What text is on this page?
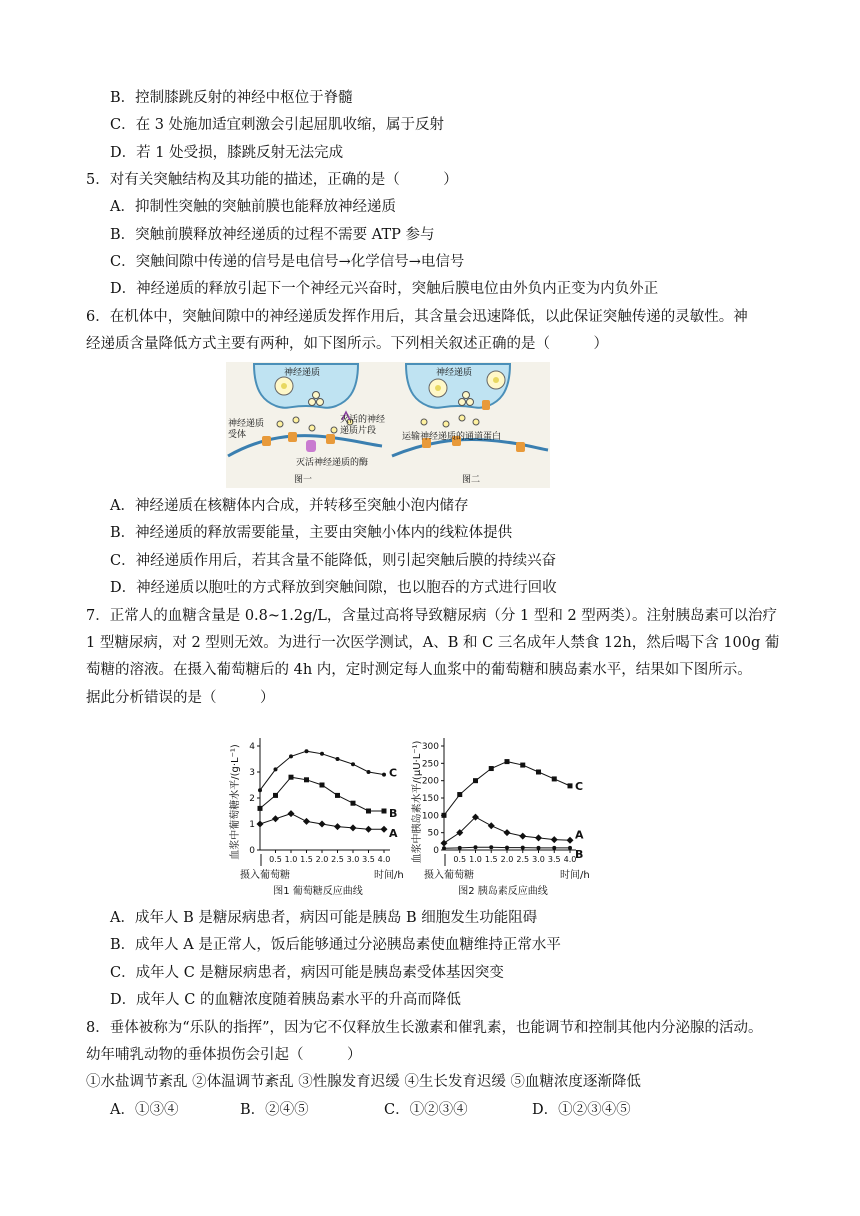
B．控制膝跳反射的神经中枢位于脊髓
C．在 3 处施加适宜刺激会引起屈肌收缩，属于反射
D．若 1 处受损，膝跳反射无法完成
5．对有关突触结构及其功能的描述，正确的是（　　　）
A．抑制性突触的突触前膜也能释放神经递质
B．突触前膜释放神经递质的过程不需要 ATP 参与
C．突触间隙中传递的信号是电信号→化学信号→电信号
D．神经递质的释放引起下一个神经元兴奋时，突触后膜电位由外负内正变为内负外正
6．在机体中，突触间隙中的神经递质发挥作用后，其含量会迅速降低，以此保证突触传递的灵敏性。神
经递质含量降低方式主要有两种，如下图所示。下列相关叙述正确的是（　　　）
神经递质
神经递质
受体
灭活的神经
递质片段
灭活神经递质的酶
图一
神经递质
运输神经递质的通道蛋白
图二
A．神经递质在核糖体内合成，并转移至突触小泡内储存
B．神经递质的释放需要能量，主要由突触小体内的线粒体提供
C．神经递质作用后，若其含量不能降低，则引起突触后膜的持续兴奋
D．神经递质以胞吐的方式释放到突触间隙，也以胞吞的方式进行回收
7．正常人的血糖含量是 0.8~1.2g/L，含量过高将导致糖尿病（分 1 型和 2 型两类）。注射胰岛素可以治疗
1 型糖尿病，对 2 型则无效。为进行一次医学测试，A、B 和 C 三名成年人禁食 12h，然后喝下含 100g 葡
萄糖的溶液。在摄入葡萄糖后的 4h 内，定时测定每人血浆中的葡萄糖和胰岛素水平，结果如下图所示。
据此分析错误的是（　　　）
0
1
2
3
4
0.5 1.0 1.5 2.0 2.5 3.0 3.5 4.0
摄入葡萄糖	时间/h
血浆中葡萄糖水平/(g·L⁻¹)
图1 葡萄糖反应曲线
C
B
A
0
50
100
150
200
250
300
0.5 1.0 1.5 2.0 2.5 3.0 3.5 4.0
摄入葡萄糖	时间/h
血浆中胰岛素水平/(μU·L⁻¹)
图2 胰岛素反应曲线
C
A
B
A．成年人 B 是糖尿病患者，病因可能是胰岛 B 细胞发生功能阻碍
B．成年人 A 是正常人，饭后能够通过分泌胰岛素使血糖维持正常水平
C．成年人 C 是糖尿病患者，病因可能是胰岛素受体基因突变
D．成年人 C 的血糖浓度随着胰岛素水平的升高而降低
8．垂体被称为“乐队的指挥”，因为它不仅释放生长激素和催乳素，也能调节和控制其他内分泌腺的活动。
幼年哺乳动物的垂体损伤会引起（　　　）
①水盐调节紊乱 ②体温调节紊乱 ③性腺发育迟缓 ④生长发育迟缓 ⑤血糖浓度逐渐降低
A．①③④	B．②④⑤	C．①②③④	D．①②③④⑤
